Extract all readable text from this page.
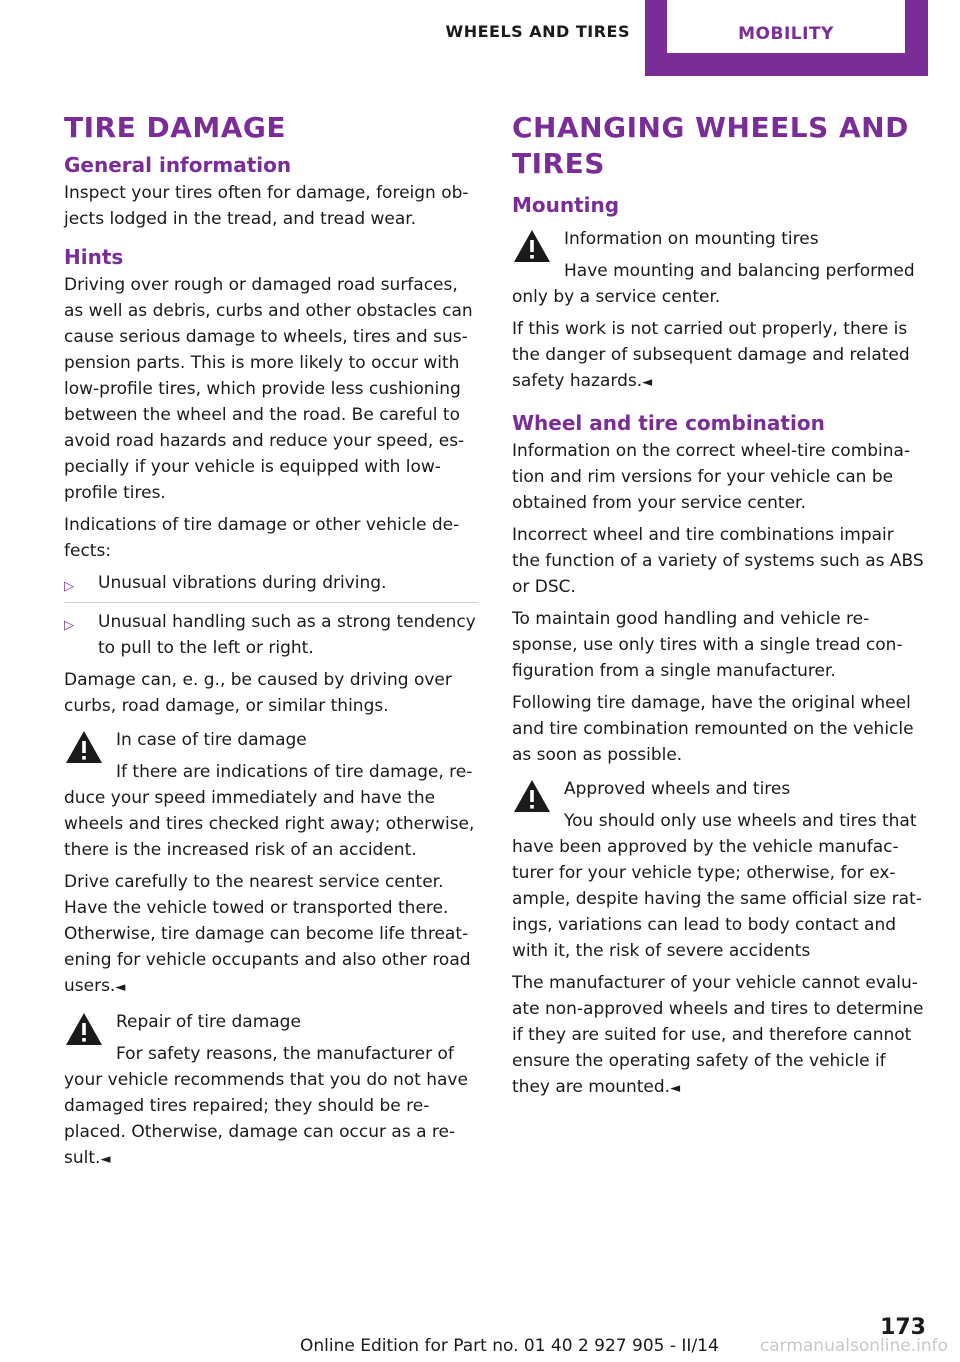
WHEELS AND TIRES	MOBILITY
TIRE DAMAGE
General information

Inspect your tires often for damage, foreign objects lodged in the tread, and tread wear.

Hints

Driving over rough or damaged road surfaces, as well as debris, curbs and other obstacles can cause serious damage to wheels, tires and suspension parts. This is more likely to occur with low-profile tires, which provide less cushioning between the wheel and the road. Be careful to avoid road hazards and reduce your speed, especially if your vehicle is equipped with low-profile tires.

Indications of tire damage or other vehicle defects:

▷ Unusual vibrations during driving.
▷ Unusual handling such as a strong tendency to pull to the left or right.

Damage can, e. g., be caused by driving over curbs, road damage, or similar things.

In case of tire damage

If there are indications of tire damage, reduce your speed immediately and have the wheels and tires checked right away; otherwise, there is the increased risk of an accident.

Drive carefully to the nearest service center. Have the vehicle towed or transported there. Otherwise, tire damage can become life threatening for vehicle occupants and also other road users.◄

Repair of tire damage

For safety reasons, the manufacturer of your vehicle recommends that you do not have damaged tires repaired; they should be replaced. Otherwise, damage can occur as a result.◄

CHANGING WHEELS AND TIRES
Mounting

Information on mounting tires

Have mounting and balancing performed only by a service center.

If this work is not carried out properly, there is the danger of subsequent damage and related safety hazards.◄

Wheel and tire combination

Information on the correct wheel-tire combination and rim versions for your vehicle can be obtained from your service center.

Incorrect wheel and tire combinations impair the function of a variety of systems such as ABS or DSC.

To maintain good handling and vehicle response, use only tires with a single tread configuration from a single manufacturer.

Following tire damage, have the original wheel and tire combination remounted on the vehicle as soon as possible.

Approved wheels and tires

You should only use wheels and tires that have been approved by the vehicle manufacturer for your vehicle type; otherwise, for example, despite having the same official size ratings, variations can lead to body contact and with it, the risk of severe accidents

The manufacturer of your vehicle cannot evaluate non-approved wheels and tires to determine if they are suited for use, and therefore cannot ensure the operating safety of the vehicle if they are mounted.◄

173
Online Edition for Part no. 01 40 2 927 905 - II/14 carmanualsonline.info
